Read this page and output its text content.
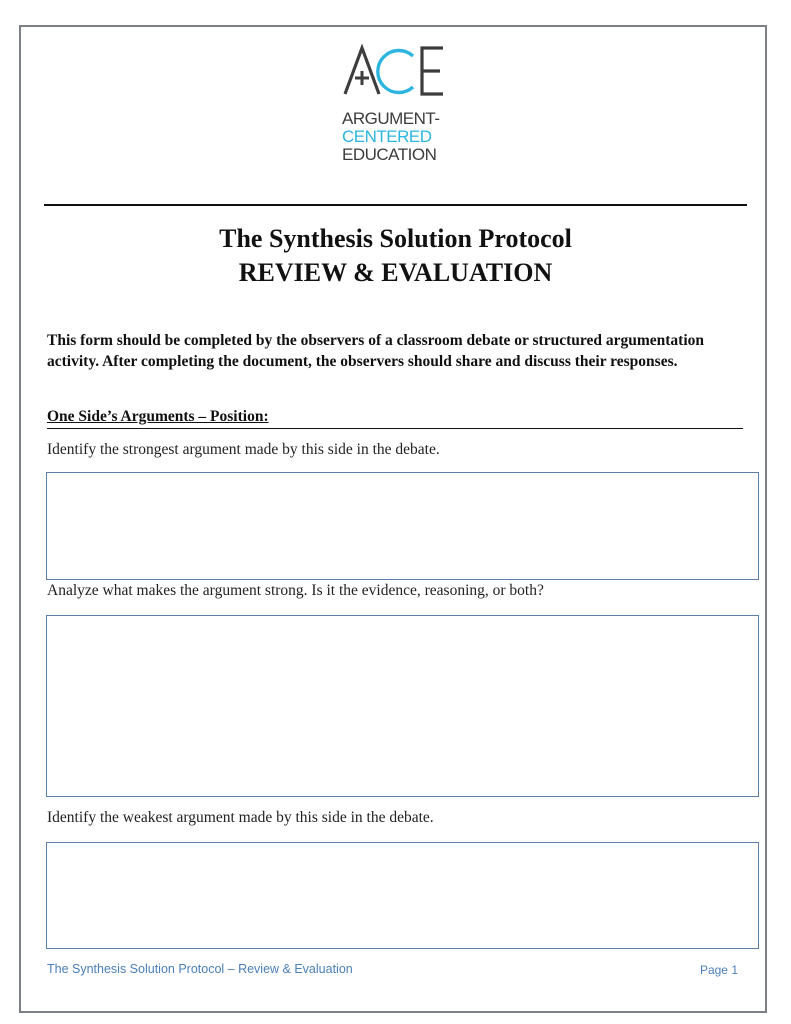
ARGUMENT-
CENTERED
EDUCATION
The Synthesis Solution Protocol
REVIEW & EVALUATION
This form should be completed by the observers of a classroom debate or structured argumentation activity. After completing the document, the observers should share and discuss their responses.
One Side’s Arguments – Position:
Identify the strongest argument made by this side in the debate.
Analyze what makes the argument strong. Is it the evidence, reasoning, or both?
Identify the weakest argument made by this side in the debate.
The Synthesis Solution Protocol – Review & Evaluation	Page 1
